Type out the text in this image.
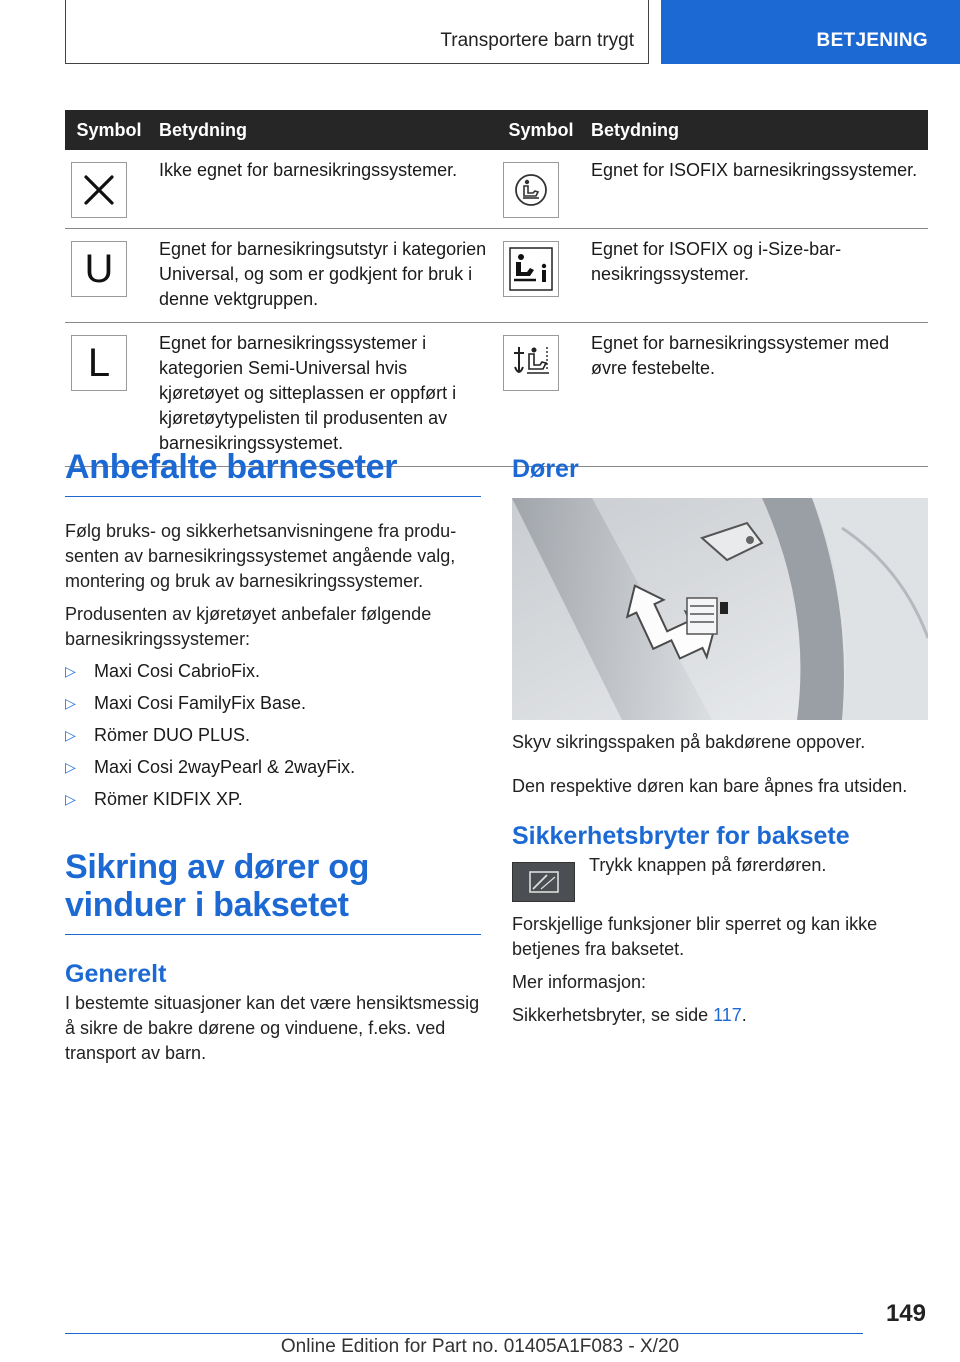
Transportere barn trygt	BETJENING
Symbol	Betydning	Symbol	Betydning

	Ikke egnet for barnesikringssystemer.		Egnet for ISOFIX barnesikringssystemer.

U	Egnet for barnesikringsutstyr i kategorien Universal, og som er godkjent for bruk i denne vektgruppen.		Egnet for ISOFIX og i-Size-barnesikringssystemer.

L	Egnet for barnesikringssystemer i kategorien Semi-Universal hvis kjøretøyet og sitteplassen er oppført i kjøretøytypelisten til produsenten av barnesikringssystemet.		Egnet for barnesikringssystemer med øvre festebelte.
Anbefalte barneseter

Følg bruks- og sikkerhetsanvisningene fra produsenten av barnesikringssystemet angående valg, montering og bruk av barnesikringssystemer.

Produsenten av kjøretøyet anbefaler følgende barnesikringssystemer:

▷ Maxi Cosi CabrioFix.
▷ Maxi Cosi FamilyFix Base.
▷ Römer DUO PLUS.
▷ Maxi Cosi 2wayPearl & 2wayFix.
▷ Römer KIDFIX XP.
Sikring av dører og vinduer i baksetet
Generelt

I bestemte situasjoner kan det være hensiktsmessig å sikre de bakre dørene og vinduene, f.eks. ved transport av barn.

Dører

Skyv sikringsspaken på bakdørene oppover.

Den respektive døren kan bare åpnes fra utsiden.

Sikkerhetsbryter for baksete

Trykk knappen på førerdøren.

Forskjellige funksjoner blir sperret og kan ikke betjenes fra baksetet.

Mer informasjon:

Sikkerhetsbryter, se side 117.

149
Online Edition for Part no. 01405A1F083 - X/20
